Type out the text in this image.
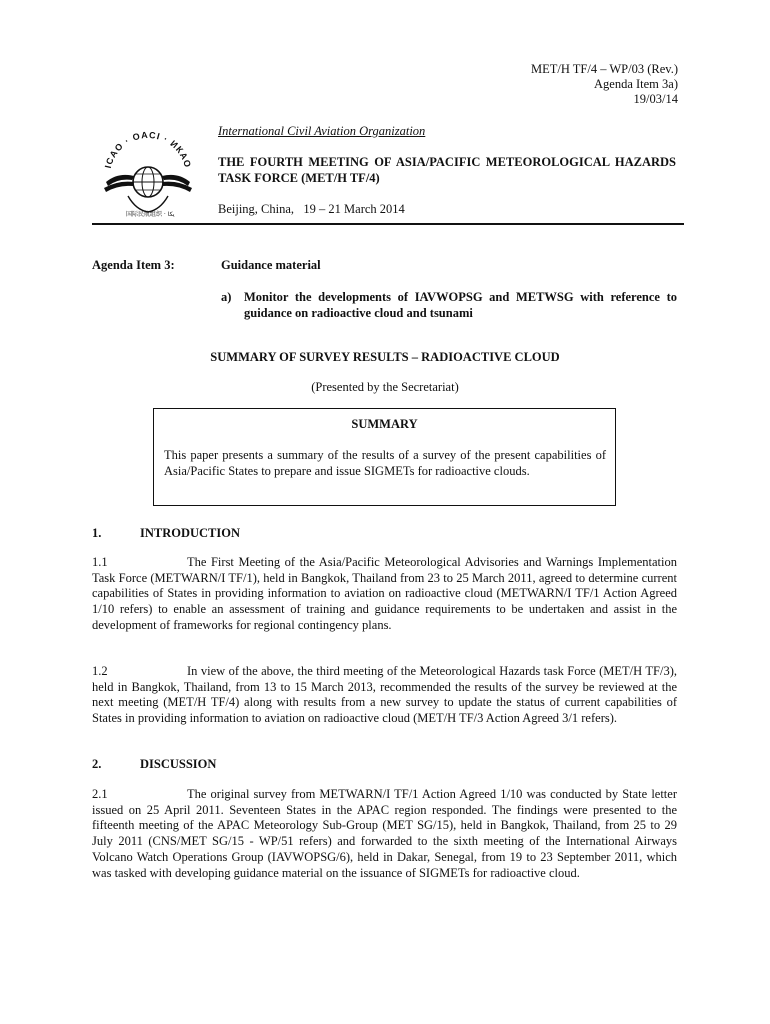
MET/H TF/4 – WP/03 (Rev.)
Agenda Item 3a)
19/03/14
ICAO · OACI · ИКАО
国际民航组织 · ﻳﻜﺎ
International Civil Aviation Organization
THE FOURTH MEETING OF ASIA/PACIFIC METEOROLOGICAL HAZARDS TASK FORCE (MET/H TF/4)
Beijing, China,   19 – 21 March 2014
Agenda Item 3:	Guidance material
a) Monitor the developments of IAVWOPSG and METWSG with reference to guidance on radioactive cloud and tsunami
SUMMARY OF SURVEY RESULTS – RADIOACTIVE CLOUD
(Presented by the Secretariat)
SUMMARY
This paper presents a summary of the results of a survey of the present capabilities of Asia/Pacific States to prepare and issue SIGMETs for radioactive clouds.
1.	INTRODUCTION
1.1	The First Meeting of the Asia/Pacific Meteorological Advisories and Warnings Implementation Task Force (METWARN/I TF/1), held in Bangkok, Thailand from 23 to 25 March 2011, agreed to determine current capabilities of States in providing information to aviation on radioactive cloud (METWARN/I TF/1 Action Agreed 1/10 refers) to enable an assessment of training and guidance requirements to be undertaken and assist in the development of frameworks for regional contingency plans.
1.2	In view of the above, the third meeting of the Meteorological Hazards task Force (MET/H TF/3), held in Bangkok, Thailand, from 13 to 15 March 2013, recommended the results of the survey be reviewed at the next meeting (MET/H TF/4) along with results from a new survey to update the status of current capabilities of States in providing information to aviation on radioactive cloud (MET/H TF/3 Action Agreed 3/1 refers).
2.	DISCUSSION
2.1	The original survey from METWARN/I TF/1 Action Agreed 1/10 was conducted by State letter issued on 25 April 2011. Seventeen States in the APAC region responded. The findings were presented to the fifteenth meeting of the APAC Meteorology Sub-Group (MET SG/15), held in Bangkok, Thailand, from 25 to 29 July 2011 (CNS/MET SG/15 - WP/51 refers) and forwarded to the sixth meeting of the International Airways Volcano Watch Operations Group (IAVWOPSG/6), held in Dakar, Senegal, from 19 to 23 September 2011, which was tasked with developing guidance material on the issuance of SIGMETs for radioactive cloud.
